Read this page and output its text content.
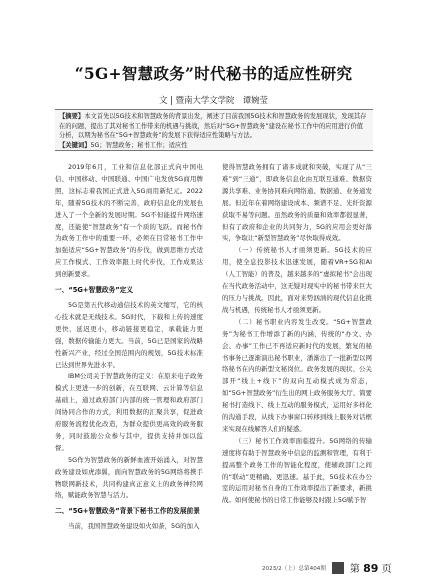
“5G+智慧政务”时代秘书的适应性研究
文 | 暨南大学文学院　谭婉莹
【摘要】本文首先以5G技术和智慧政务的背景出发，阐述了目前我国5G技术和智慧政务的发展现状，发现其存在的问题，提出了其对秘书工作带来的机遇与挑战，然后对“5G+智慧政务”建设在秘书工作中的应用进行价值分析，以期为秘书在“5G+智慧政务”的发展下获得适应性策略与方法。
【关键词】5G；智慧政务；秘书工作；适应性

2019年6月，工业和信息化部正式向中国电信、中国移动、中国联通、中国广电发放5G商用牌照，这标志着我国正式进入5G商用新纪元。2022年，随着5G技术的不断完善，政府信息化的发展也进入了一个全新的发展时期。5G不但能提升网络速度，还能使“智慧政务”有一个质的飞跃。而秘书作为政务工作中的重要一环，必须在目常秘书工作中加强适应“5G+智慧政务”的步伐，做到思维方式适应工作模式、工作效率跟上时代步伐，工作成果达到创新要求。

一、“5G+智慧政务”定义

5G是第五代移动通信技术的英文缩写，它的核心技术就是无线技术。5G时代，下载和上传的速度更快，延迟更小，移动链接更稳定，承载能力更强，数据传输能力更大。当前，5G已是国家的战略性新兴产业，经过全国范围内的规划，5G技术标准已达到世界先进水平。

IBM公司关于智慧政务的定义：在原来电子政务模式上更进一步的创新，在互联网、云计算等信息基础上，通过政府部门内部的统一管理和政府部门间协同合作的方式，利用数据的汇聚共享，促进政府服务流程优化改造，为群众提供更高效的政务服务，同时鼓励公众参与其中，提供支持并加以监督。

5G作为智慧政务的新鲜血液开始涌入，对智慧政务建设如虎添翼，面向智慧政务的5G网络将携手物联网新技术，共同构建真正意义上的政务神经网络，赋能政务智慧与活力。

二、“5G+智慧政务”背景下秘书工作的发展前景

当前，我国智慧政务建设如火如荼，5G的加入

使得智慧政务拥有了诸多成就和突破，实现了从“三难”到“三通”，即政务信息化由互联互通难、数据资源共享难、业务协同难向网络通、数据通、业务通发展。但近年在着网络建设成本、频谱不足、光纤资源获取不易等问题。虽然政务的质量和效率都很显著，但有了政府和企业的共同努力，5G的应用会更好落实，争取让“新型智慧政务”尽快取得成效。

（一）传统秘书人才亟须更新。5G技术的应用，使全息投影技术迅速发展，随着VR+5G和AI（人工智能）的普及，越来越多的“虚拟秘书”会出现在当代政务活动中，这无疑对现实中的秘书带来巨大的压力与挑战。因此，面对来势汹汹的现代信息化挑战与机遇，传统秘书人才亟须更新。

（二）秘书职业内容发生改变。“5G+智慧政务”为秘书工作增添了新的内涵，传统的“办文、办会、办事”工作已不再适应新时代的发展，繁复的秘书事务已逐渐演出秘书职业，潘渐出了一批新型以网络秘书在内的新型文秘岗位。政务发展的现状、公关部开“线上+线下”的双向互动模式成为常态，如“5G+智慧政务”衍生出的网上政务服务大厅、简要秘书打造线下、线上互动的服务模式，运用好多样化的沟通手段，从线下办事窗口转移到线上服务对话框来实现在线解答人们的疑惑。

（三）秘书工作效率面临提升。5G网络的传输速度将有助于智慧政务中信息的监测和管理，有利于提高整个政务工作的智能化程度，使辅政部门之间的“联动”更精确、更迅速。基于此，5G技术在办公室的运用对秘书自身的工作效率提出了新要求，新挑战。如何使秘书的日常工作能够及时跟上5G赋予智

2023/2（上）总第404期 第 89 页
